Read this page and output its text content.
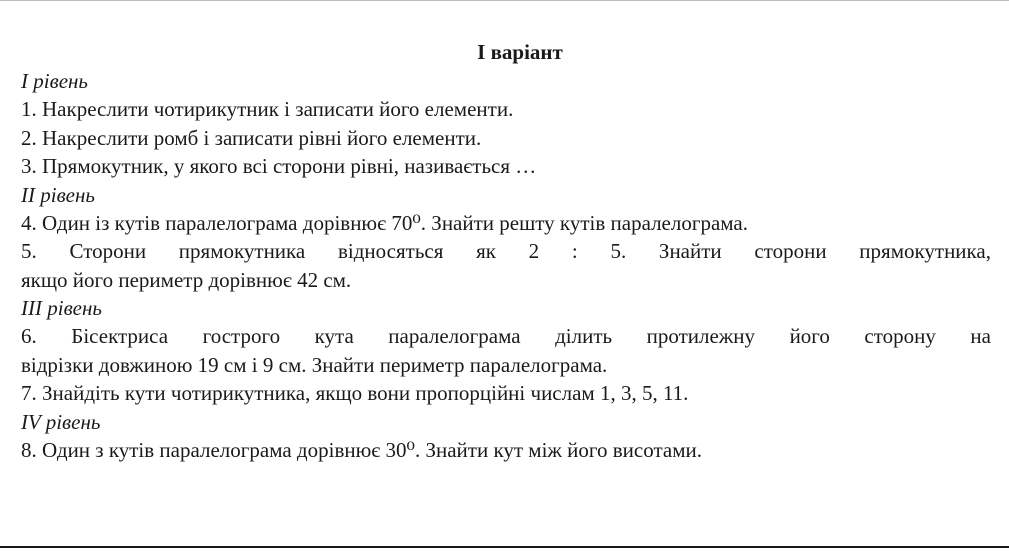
І варіант
І рівень

1. Накреслити чотирикутник і записати його елементи.

2. Накреслити ромб і записати рівні його елементи.

3. Прямокутник, у якого всі сторони рівні, називається …

ІІ рівень

4. Один із кутів паралелограма дорівнює 70⁰. Знайти решту кутів паралелограма.

5. Сторони прямокутника відносяться як 2 : 5. Знайти сторони прямокутника,
якщо його периметр дорівнює 42 см.

ІІІ рівень

6. Бісектриса гострого кута паралелограма ділить протилежну його сторону на
відрізки довжиною 19 см і 9 см. Знайти периметр паралелограма.

7. Знайдіть кути чотирикутника, якщо вони пропорційні числам 1, 3, 5, 11.

ІV рівень

8. Один з кутів паралелограма дорівнює 30⁰. Знайти кут між його висотами.
